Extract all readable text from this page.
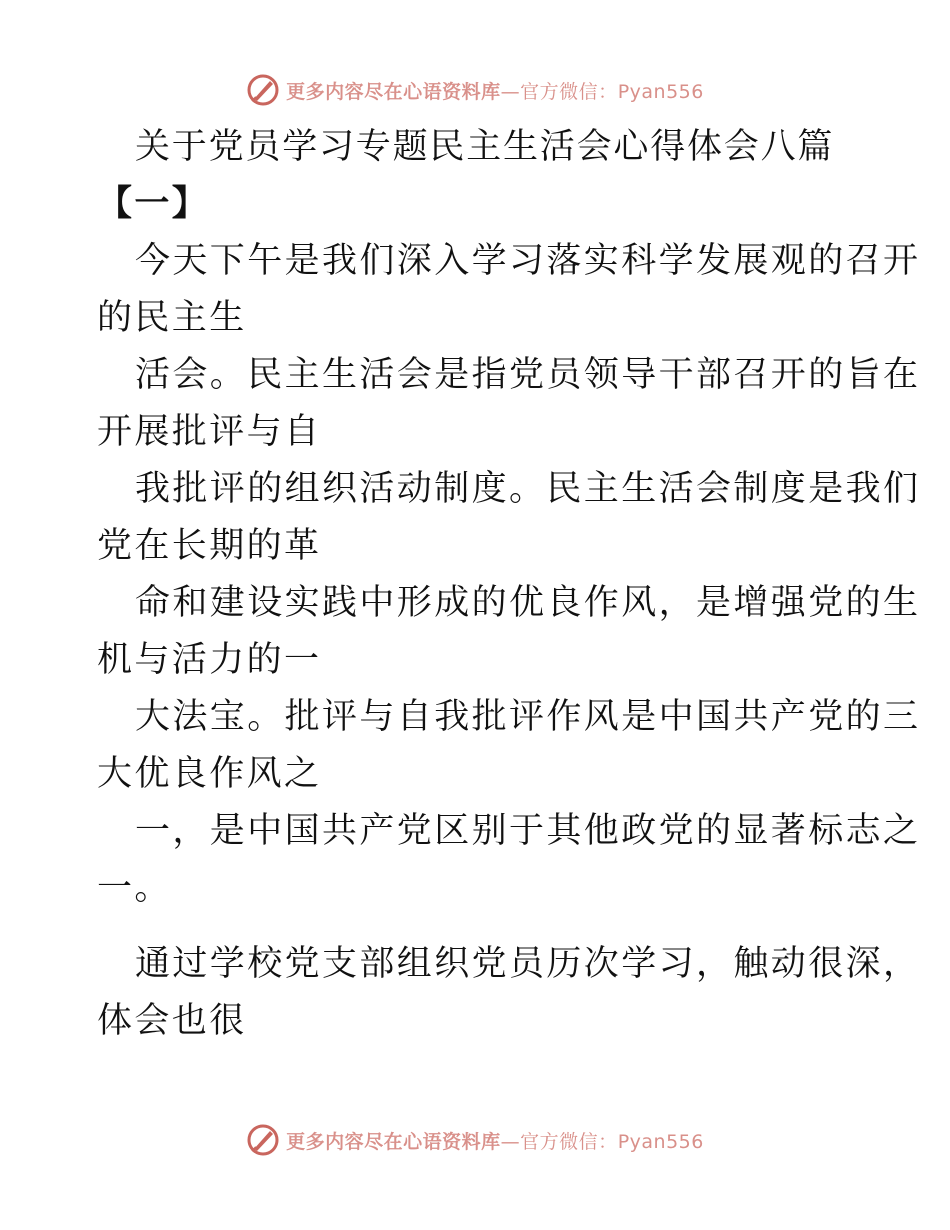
更多内容尽在心语资料库—官方微信：Pyan556
关于党员学习专题民主生活会心得体会八篇
【一】
今天下午是我们深入学习落实科学发展观的召开
的民主生
活会。民主生活会是指党员领导干部召开的旨在
开展批评与自
我批评的组织活动制度。民主生活会制度是我们
党在长期的革
命和建设实践中形成的优良作风，是增强党的生
机与活力的一
大法宝。批评与自我批评作风是中国共产党的三
大优良作风之
一，是中国共产党区别于其他政党的显著标志之
一。
通过学校党支部组织党员历次学习，触动很深，
体会也很
更多内容尽在心语资料库—官方微信：Pyan556
